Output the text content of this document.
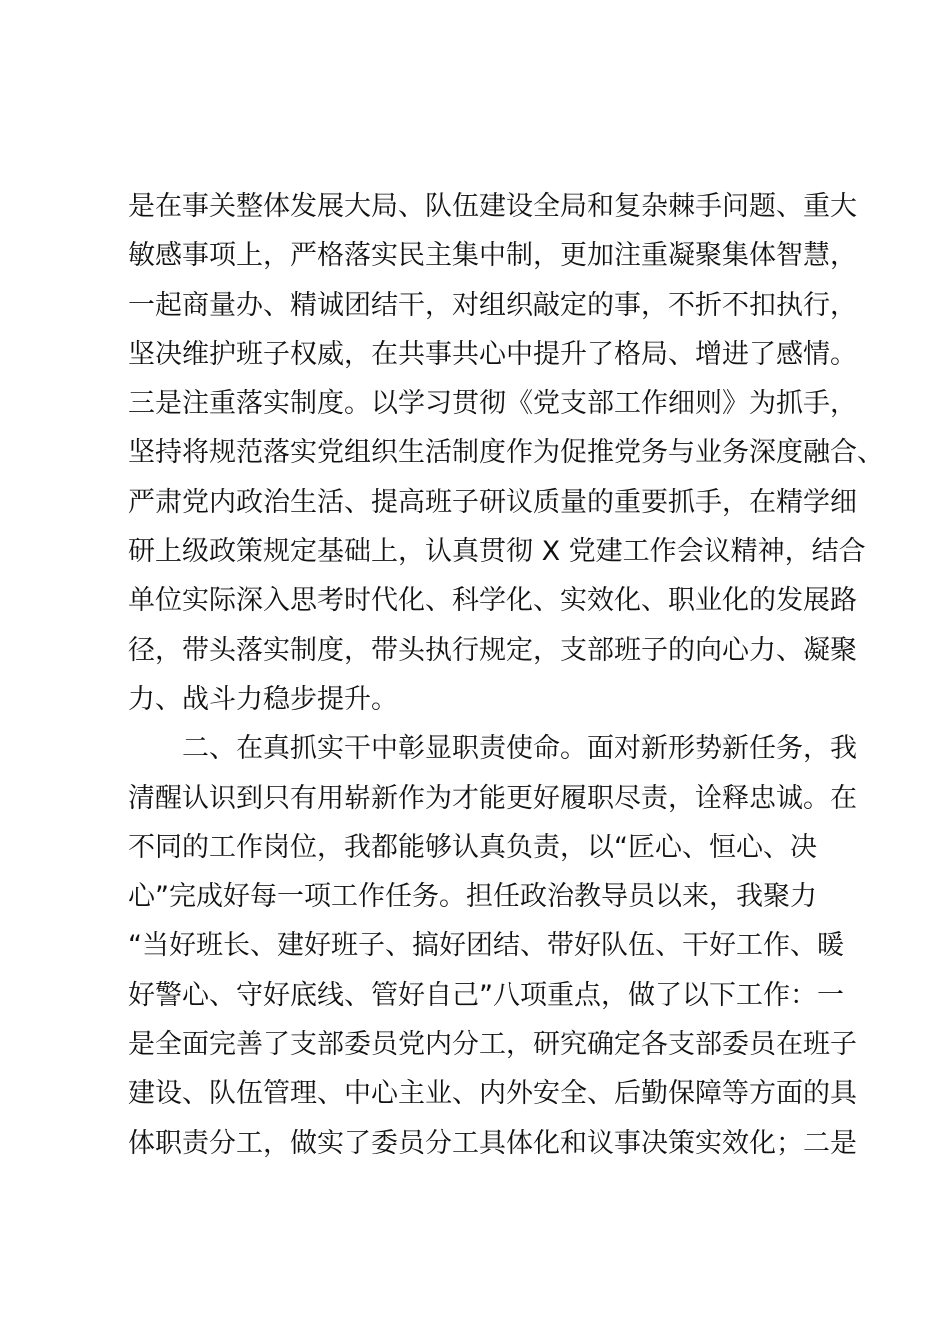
是在事关整体发展大局、队伍建设全局和复杂棘手问题、重大
敏感事项上，严格落实民主集中制，更加注重凝聚集体智慧，
一起商量办、精诚团结干，对组织敲定的事，不折不扣执行，
坚决维护班子权威，在共事共心中提升了格局、增进了感情。
三是注重落实制度。以学习贯彻《党支部工作细则》为抓手，
坚持将规范落实党组织生活制度作为促推党务与业务深度融合、
严肃党内政治生活、提高班子研议质量的重要抓手，在精学细
研上级政策规定基础上，认真贯彻 X 党建工作会议精神，结合
单位实际深入思考时代化、科学化、实效化、职业化的发展路
径，带头落实制度，带头执行规定，支部班子的向心力、凝聚
力、战斗力稳步提升。
二、在真抓实干中彰显职责使命。面对新形势新任务，我
清醒认识到只有用崭新作为才能更好履职尽责，诠释忠诚。在
不同的工作岗位，我都能够认真负责，以“匠心、恒心、决
心”完成好每一项工作任务。担任政治教导员以来，我聚力
“当好班长、建好班子、搞好团结、带好队伍、干好工作、暖
好警心、守好底线、管好自己”八项重点，做了以下工作：一
是全面完善了支部委员党内分工，研究确定各支部委员在班子
建设、队伍管理、中心主业、内外安全、后勤保障等方面的具
体职责分工，做实了委员分工具体化和议事决策实效化；二是
